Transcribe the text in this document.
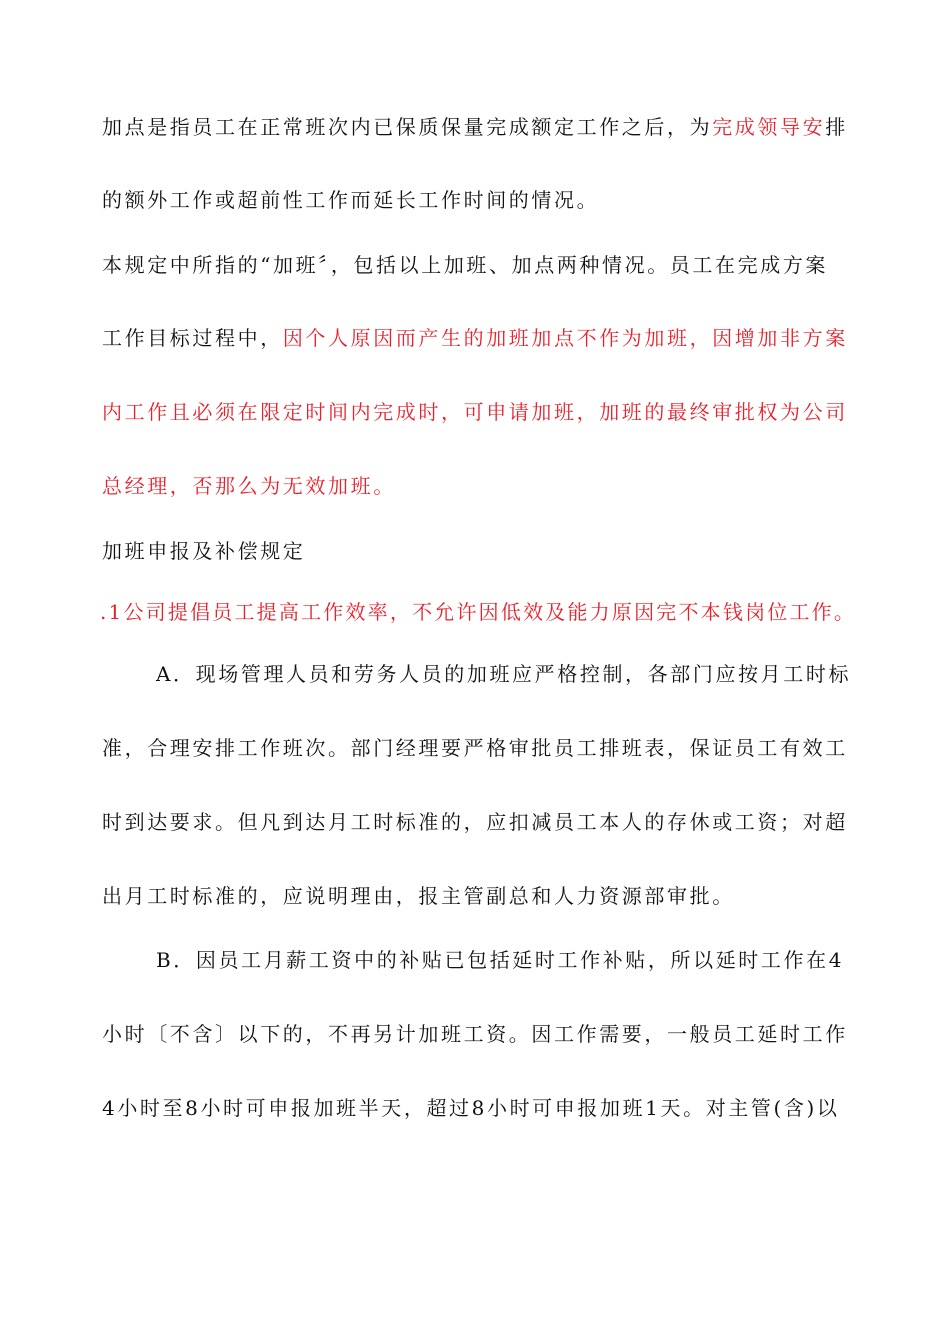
加点是指员工在正常班次内已保质保量完成额定工作之后，为完成领导安排
的额外工作或超前性工作而延长工作时间的情况。
本规定中所指的“加班〞，包括以上加班、加点两种情况。员工在完成方案
工作目标过程中，因个人原因而产生的加班加点不作为加班，因增加非方案
内工作且必须在限定时间内完成时，可申请加班，加班的最终审批权为公司
总经理，否那么为无效加班。
加班申报及补偿规定
.1公司提倡员工提高工作效率，不允许因低效及能力原因完不本钱岗位工作。
A．现场管理人员和劳务人员的加班应严格控制，各部门应按月工时标
准，合理安排工作班次。部门经理要严格审批员工排班表，保证员工有效工
时到达要求。但凡到达月工时标准的，应扣减员工本人的存休或工资；对超
出月工时标准的，应说明理由，报主管副总和人力资源部审批。
B．因员工月薪工资中的补贴已包括延时工作补贴，所以延时工作在4
小时〔不含〕以下的，不再另计加班工资。因工作需要，一般员工延时工作
4小时至8小时可申报加班半天，超过8小时可申报加班1天。对主管(含)以
